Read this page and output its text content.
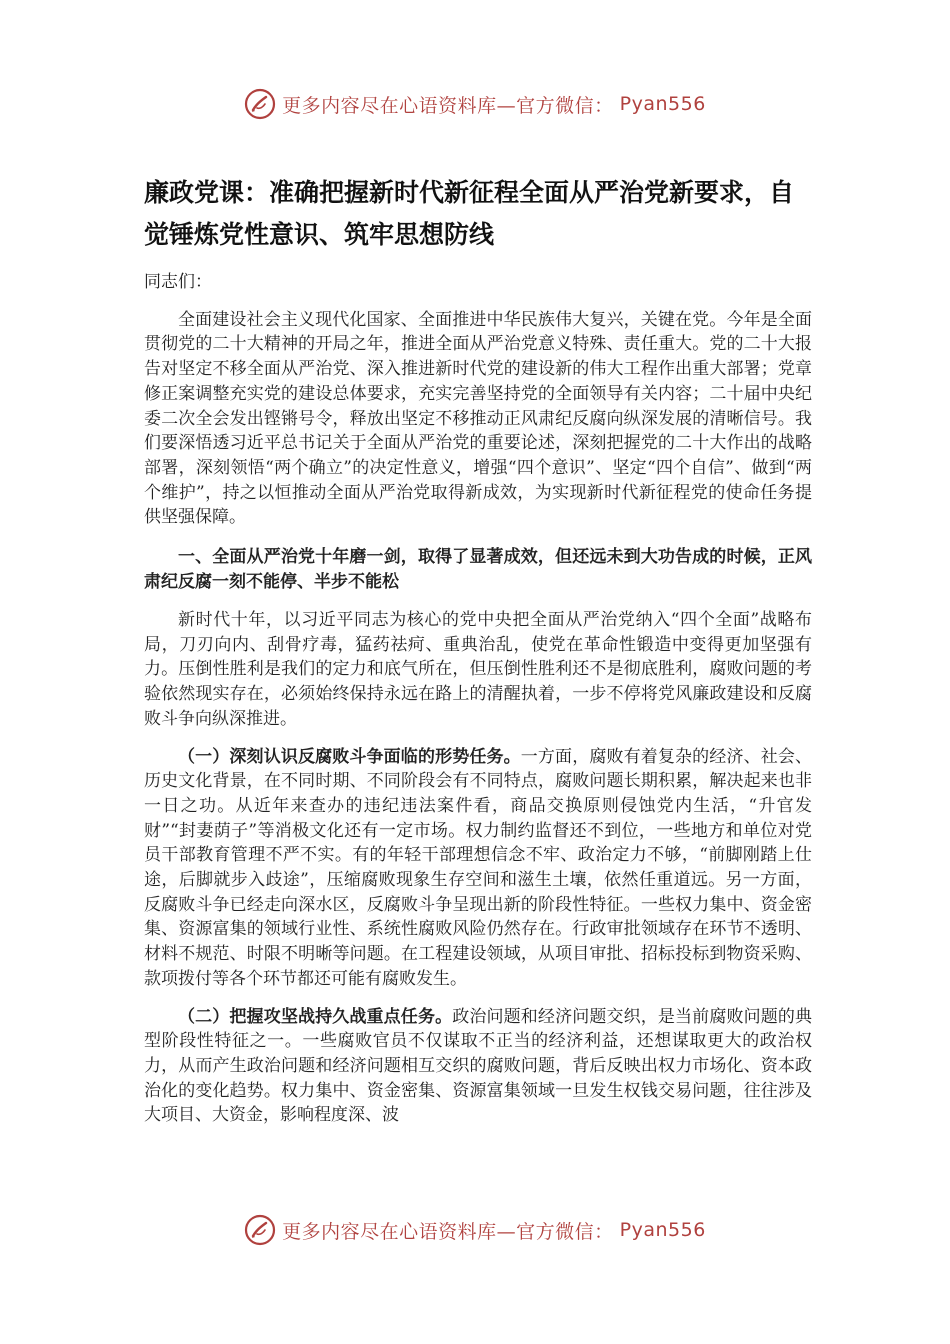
更多内容尽在心语资料库—官方微信： Pyan556
廉政党课：准确把握新时代新征程全面从严治党新要求，自觉锤炼党性意识、筑牢思想防线

同志们：

全面建设社会主义现代化国家、全面推进中华民族伟大复兴，关键在党。今年是全面贯彻党的二十大精神的开局之年，推进全面从严治党意义特殊、责任重大。党的二十大报告对坚定不移全面从严治党、深入推进新时代党的建设新的伟大工程作出重大部署；党章修正案调整充实党的建设总体要求，充实完善坚持党的全面领导有关内容；二十届中央纪委二次全会发出铿锵号令，释放出坚定不移推动正风肃纪反腐向纵深发展的清晰信号。我们要深悟透习近平总书记关于全面从严治党的重要论述，深刻把握党的二十大作出的战略部署，深刻领悟“两个确立”的决定性意义，增强“四个意识”、坚定“四个自信”、做到“两个维护”，持之以恒推动全面从严治党取得新成效，为实现新时代新征程党的使命任务提供坚强保障。

一、全面从严治党十年磨一剑，取得了显著成效，但还远未到大功告成的时候，正风肃纪反腐一刻不能停、半步不能松

新时代十年，以习近平同志为核心的党中央把全面从严治党纳入“四个全面”战略布局，刀刃向内、刮骨疗毒，猛药祛疴、重典治乱，使党在革命性锻造中变得更加坚强有力。压倒性胜利是我们的定力和底气所在，但压倒性胜利还不是彻底胜利，腐败问题的考验依然现实存在，必须始终保持永远在路上的清醒执着，一步不停将党风廉政建设和反腐败斗争向纵深推进。

（一）深刻认识反腐败斗争面临的形势任务。一方面，腐败有着复杂的经济、社会、历史文化背景，在不同时期、不同阶段会有不同特点，腐败问题长期积累，解决起来也非一日之功。从近年来查办的违纪违法案件看，商品交换原则侵蚀党内生活，“升官发财”“封妻荫子”等消极文化还有一定市场。权力制约监督还不到位，一些地方和单位对党员干部教育管理不严不实。有的年轻干部理想信念不牢、政治定力不够，“前脚刚踏上仕途，后脚就步入歧途”，压缩腐败现象生存空间和滋生土壤，依然任重道远。另一方面，反腐败斗争已经走向深水区，反腐败斗争呈现出新的阶段性特征。一些权力集中、资金密集、资源富集的领域行业性、系统性腐败风险仍然存在。行政审批领域存在环节不透明、材料不规范、时限不明晰等问题。在工程建设领域，从项目审批、招标投标到物资采购、款项拨付等各个环节都还可能有腐败发生。

（二）把握攻坚战持久战重点任务。政治问题和经济问题交织，是当前腐败问题的典型阶段性特征之一。一些腐败官员不仅谋取不正当的经济利益，还想谋取更大的政治权力，从而产生政治问题和经济问题相互交织的腐败问题，背后反映出权力市场化、资本政治化的变化趋势。权力集中、资金密集、资源富集领域一旦发生权钱交易问题，往往涉及大项目、大资金，影响程度深、波

更多内容尽在心语资料库—官方微信： Pyan556
